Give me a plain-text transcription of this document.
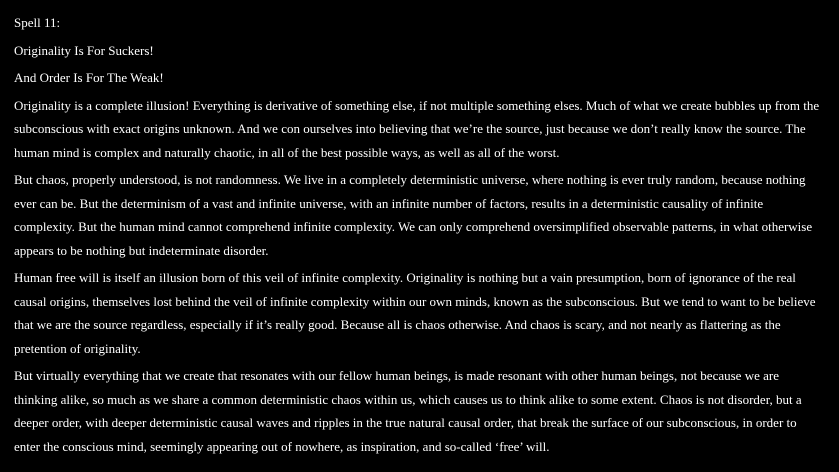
Spell 11:
Originality Is For Suckers!
And Order Is For The Weak!
Originality is a complete illusion! Everything is derivative of something else, if not multiple something elses. Much of what we create bubbles up from the subconscious with exact origins unknown. And we con ourselves into believing that we’re the source, just because we don’t really know the source. The human mind is complex and naturally chaotic, in all of the best possible ways, as well as all of the worst.
But chaos, properly understood, is not randomness. We live in a completely deterministic universe, where nothing is ever truly random, because nothing ever can be. But the determinism of a vast and infinite universe, with an infinite number of factors, results in a deterministic causality of infinite complexity. But the human mind cannot comprehend infinite complexity. We can only comprehend oversimplified observable patterns, in what otherwise appears to be nothing but indeterminate disorder.
Human free will is itself an illusion born of this veil of infinite complexity. Originality is nothing but a vain presumption, born of ignorance of the real causal origins, themselves lost behind the veil of infinite complexity within our own minds, known as the subconscious. But we tend to want to be believe that we are the source regardless, especially if it’s really good. Because all is chaos otherwise. And chaos is scary, and not nearly as flattering as the pretention of originality.
But virtually everything that we create that resonates with our fellow human beings, is made resonant with other human beings, not because we are thinking alike, so much as we share a common deterministic chaos within us, which causes us to think alike to some extent. Chaos is not disorder, but a deeper order, with deeper deterministic causal waves and ripples in the true natural causal order, that break the surface of our subconscious, in order to enter the conscious mind, seemingly appearing out of nowhere, as inspiration, and so-called ‘free’ will.
